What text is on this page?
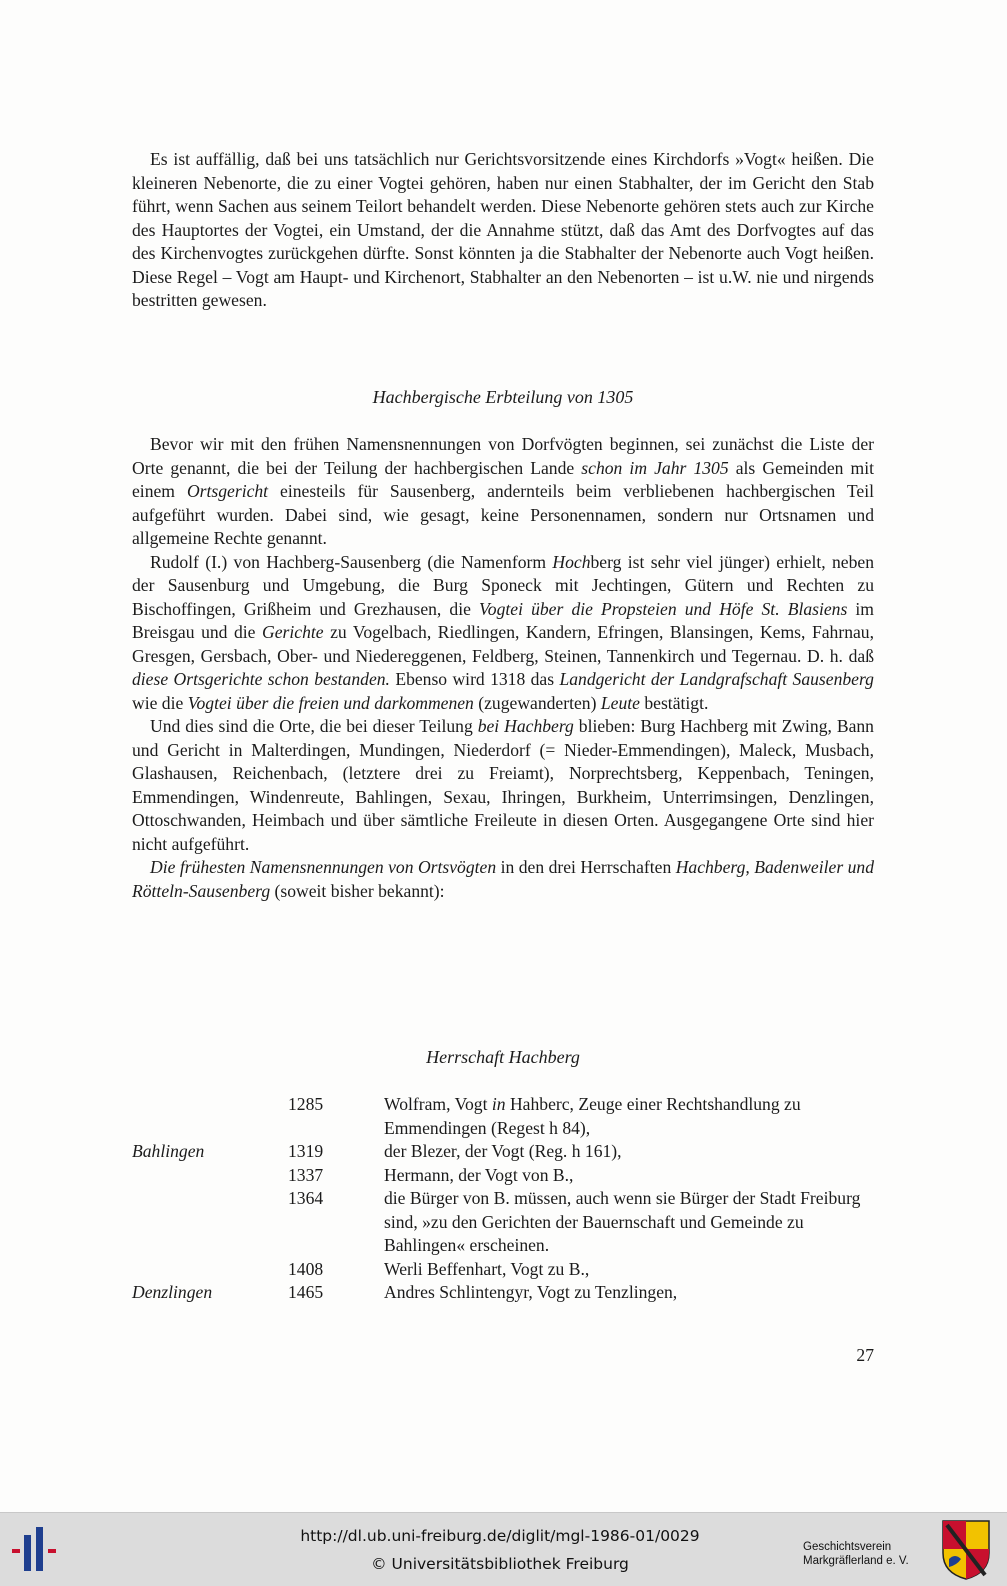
Es ist auffällig, daß bei uns tatsächlich nur Gerichtsvorsitzende eines Kirchdorfs »Vogt« heißen. Die kleineren Nebenorte, die zu einer Vogtei gehören, haben nur einen Stabhalter, der im Gericht den Stab führt, wenn Sachen aus seinem Teilort behandelt werden. Diese Nebenorte gehören stets auch zur Kirche des Hauptortes der Vogtei, ein Umstand, der die Annahme stützt, daß das Amt des Dorfvogtes auf das des Kirchenvogtes zurückgehen dürfte. Sonst könnten ja die Stabhalter der Nebenorte auch Vogt heißen. Diese Regel – Vogt am Haupt- und Kirchenort, Stabhalter an den Nebenorten – ist u.W. nie und nirgends bestritten gewesen.

Hachbergische Erbteilung von 1305

Bevor wir mit den frühen Namensnennungen von Dorfvögten beginnen, sei zunächst die Liste der Orte genannt, die bei der Teilung der hachbergischen Lande schon im Jahr 1305 als Gemeinden mit einem Ortsgericht einesteils für Sausenberg, andernteils beim verbliebenen hachbergischen Teil aufgeführt wurden. Dabei sind, wie gesagt, keine Personennamen, sondern nur Ortsnamen und allgemeine Rechte genannt.

Rudolf (I.) von Hachberg-Sausenberg (die Namenform Hochberg ist sehr viel jünger) erhielt, neben der Sausenburg und Umgebung, die Burg Sponeck mit Jechtingen, Gütern und Rechten zu Bischoffingen, Grißheim und Grezhausen, die Vogtei über die Propsteien und Höfe St. Blasiens im Breisgau und die Gerichte zu Vogelbach, Riedlingen, Kandern, Efringen, Blansingen, Kems, Fahrnau, Gresgen, Gersbach, Ober- und Niedereggenen, Feldberg, Steinen, Tannenkirch und Tegernau. D. h. daß diese Ortsgerichte schon bestanden. Ebenso wird 1318 das Landgericht der Landgrafschaft Sausenberg wie die Vogtei über die freien und darkommenen (zugewanderten) Leute bestätigt.

Und dies sind die Orte, die bei dieser Teilung bei Hachberg blieben: Burg Hachberg mit Zwing, Bann und Gericht in Malterdingen, Mundingen, Niederdorf (= Nieder-Emmendingen), Maleck, Musbach, Glashausen, Reichenbach, (letztere drei zu Freiamt), Norprechtsberg, Keppenbach, Teningen, Emmendingen, Windenreute, Bahlingen, Sexau, Ihringen, Burkheim, Unterrimsingen, Denzlingen, Ottoschwanden, Heimbach und über sämtliche Freileute in diesen Orten. Ausgegangene Orte sind hier nicht aufgeführt.

Die frühesten Namensnennungen von Ortsvögten in den drei Herrschaften Hachberg, Badenweiler und Rötteln-Sausenberg (soweit bisher bekannt):

Herrschaft Hachberg
1285	Wolfram, Vogt in Hahberc, Zeuge einer Rechtshandlung zu Emmendingen (Regest h 84),
Bahlingen	1319	der Blezer, der Vogt (Reg. h 161),
1337	Hermann, der Vogt von B.,
1364	die Bürger von B. müssen, auch wenn sie Bürger der Stadt Freiburg sind, »zu den Gerichten der Bauernschaft und Gemeinde zu Bahlingen« erscheinen.
1408	Werli Beffenhart, Vogt zu B.,
Denzlingen	1465	Andres Schlintengyr, Vogt zu Tenzlingen,
27
http://dl.ub.uni-freiburg.de/diglit/mgl-1986-01/0029
© Universitätsbibliothek Freiburg
Geschichtsverein
Markgräflerland e. V.
